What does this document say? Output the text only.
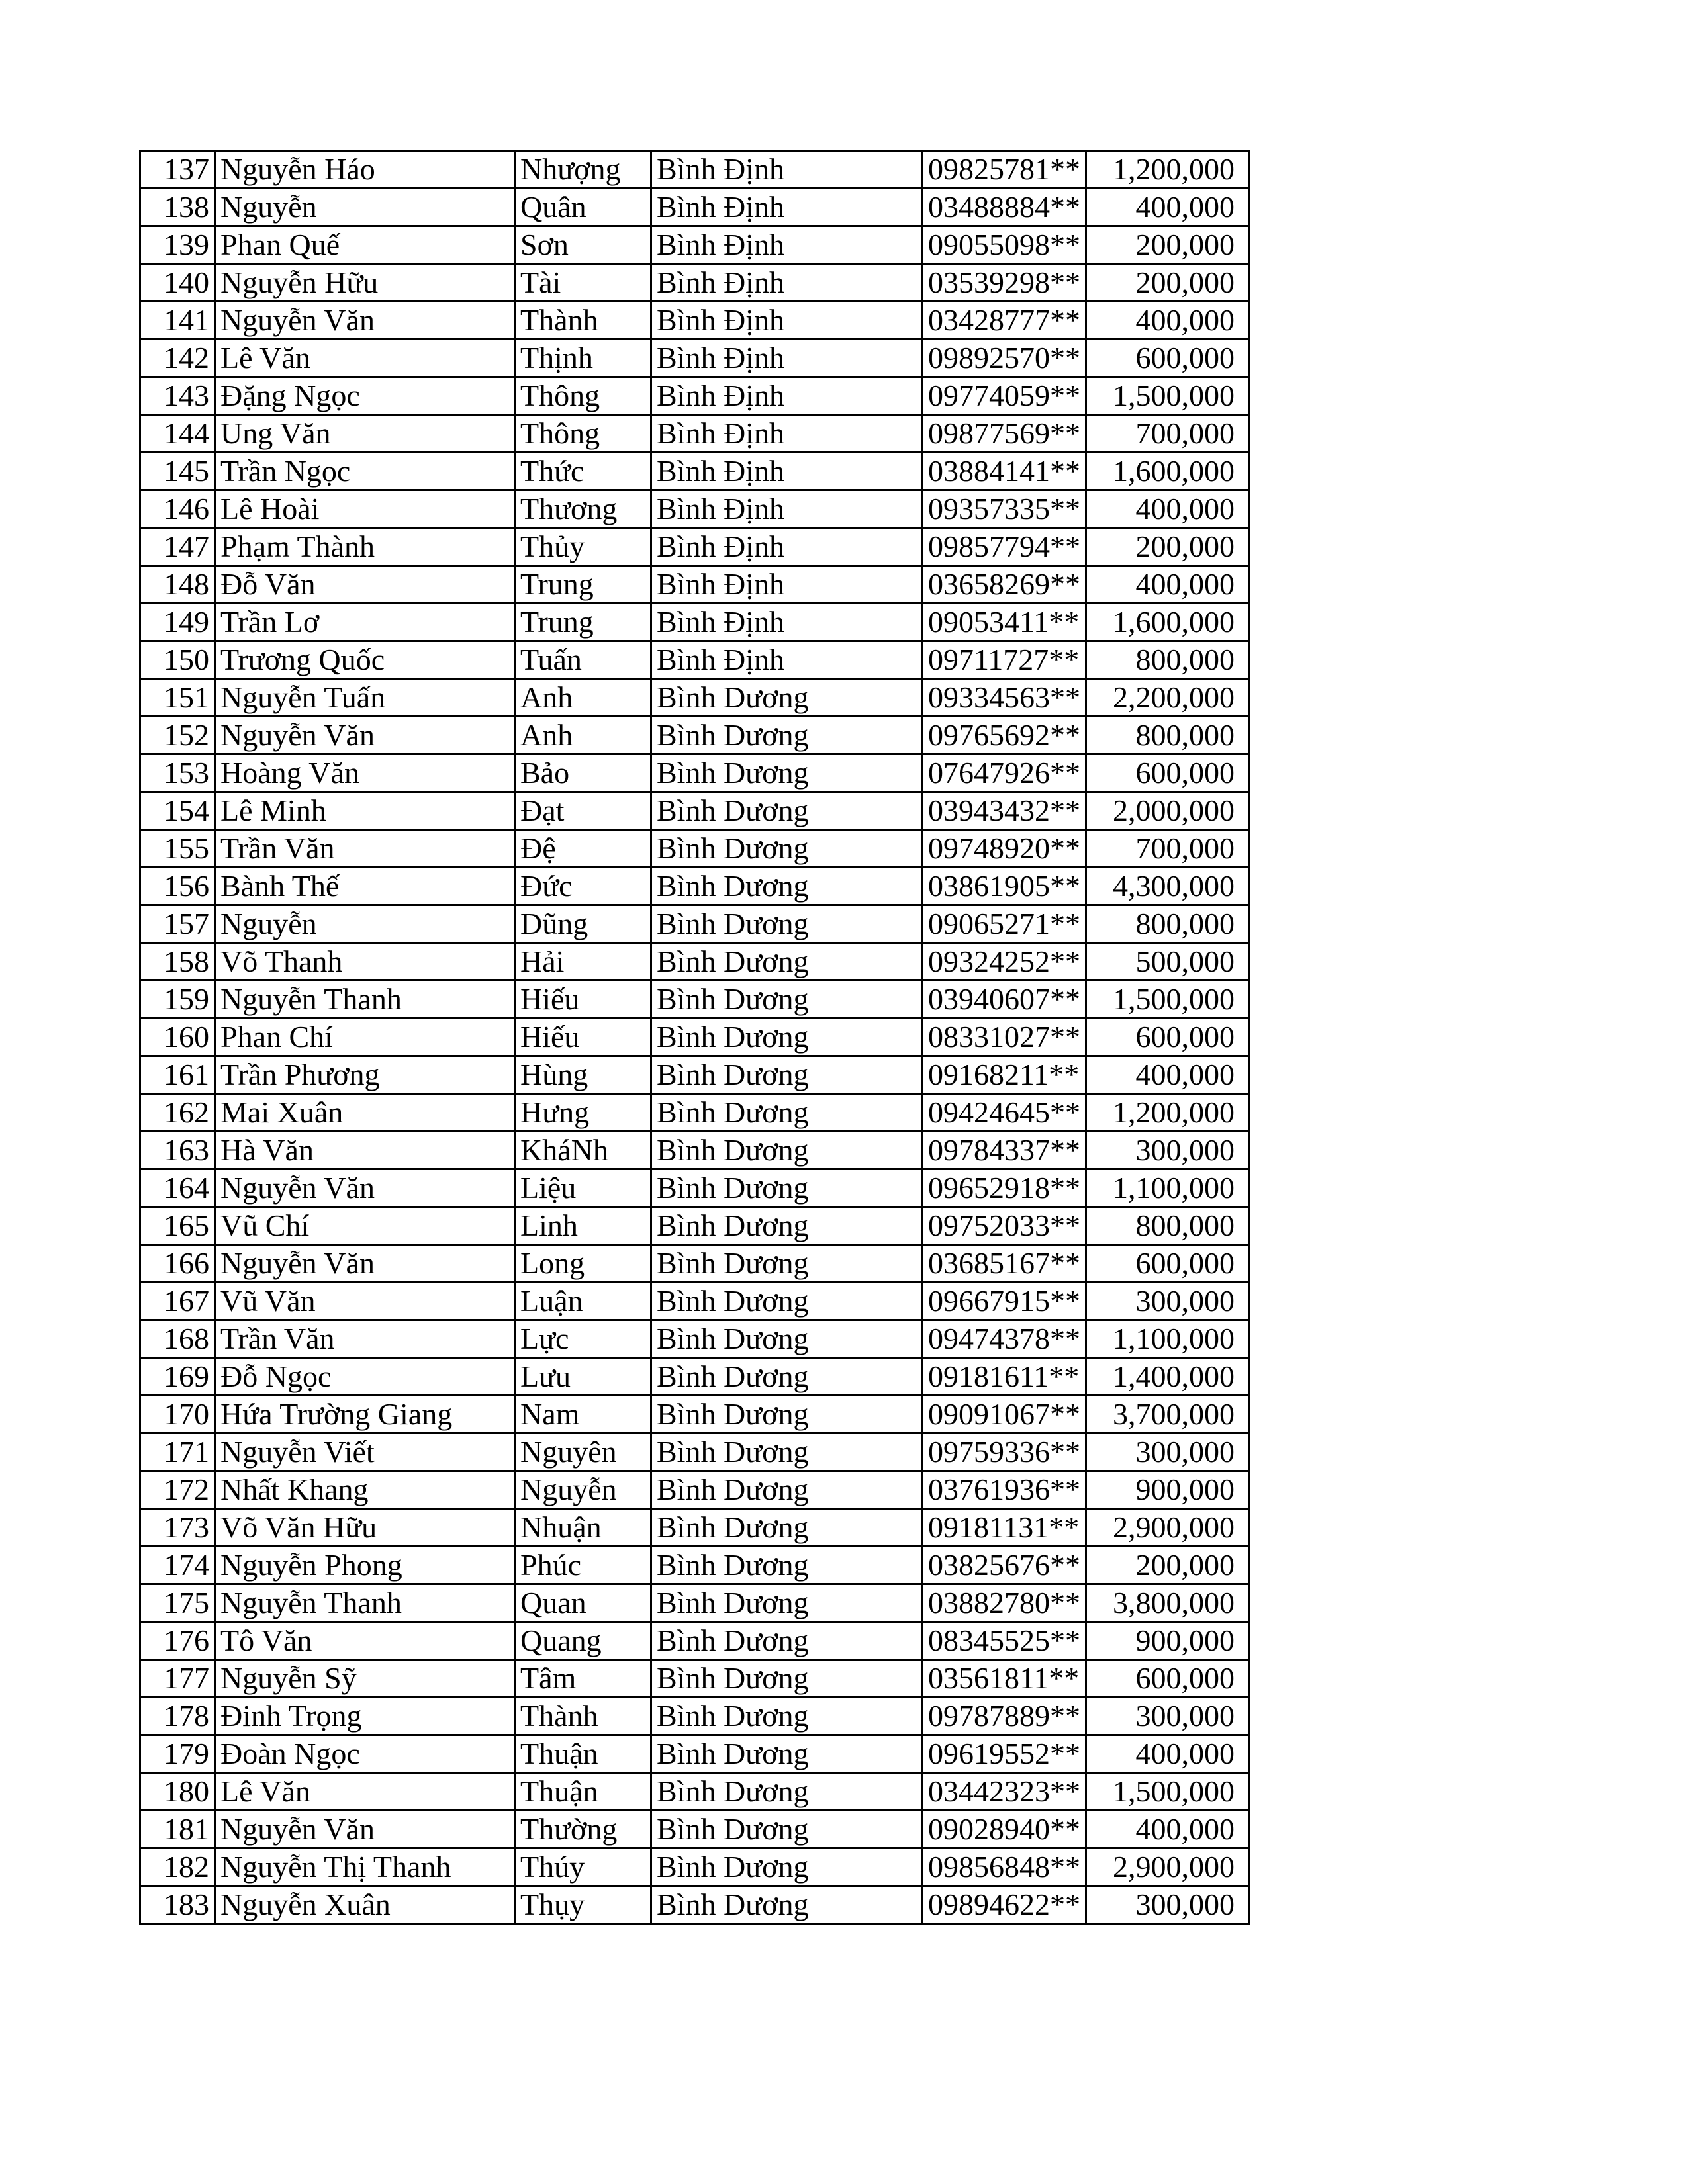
137	Nguyễn Háo	Nhượng	Bình Định	09825781**	1,200,000
138	Nguyễn	Quân	Bình Định	03488884**	400,000
139	Phan Quế	Sơn	Bình Định	09055098**	200,000
140	Nguyễn Hữu	Tài	Bình Định	03539298**	200,000
141	Nguyễn Văn	Thành	Bình Định	03428777**	400,000
142	Lê Văn	Thịnh	Bình Định	09892570**	600,000
143	Đặng Ngọc	Thông	Bình Định	09774059**	1,500,000
144	Ung Văn	Thông	Bình Định	09877569**	700,000
145	Trần Ngọc	Thức	Bình Định	03884141**	1,600,000
146	Lê Hoài	Thương	Bình Định	09357335**	400,000
147	Phạm Thành	Thủy	Bình Định	09857794**	200,000
148	Đỗ Văn	Trung	Bình Định	03658269**	400,000
149	Trần Lơ	Trung	Bình Định	09053411**	1,600,000
150	Trương Quốc	Tuấn	Bình Định	09711727**	800,000
151	Nguyễn Tuấn	Anh	Bình Dương	09334563**	2,200,000
152	Nguyễn Văn	Anh	Bình Dương	09765692**	800,000
153	Hoàng Văn	Bảo	Bình Dương	07647926**	600,000
154	Lê Minh	Đạt	Bình Dương	03943432**	2,000,000
155	Trần Văn	Đệ	Bình Dương	09748920**	700,000
156	Bành Thế	Đức	Bình Dương	03861905**	4,300,000
157	Nguyễn	Dũng	Bình Dương	09065271**	800,000
158	Võ Thanh	Hải	Bình Dương	09324252**	500,000
159	Nguyễn Thanh	Hiếu	Bình Dương	03940607**	1,500,000
160	Phan Chí	Hiếu	Bình Dương	08331027**	600,000
161	Trần Phương	Hùng	Bình Dương	09168211**	400,000
162	Mai Xuân	Hưng	Bình Dương	09424645**	1,200,000
163	Hà Văn	KháNh	Bình Dương	09784337**	300,000
164	Nguyễn Văn	Liệu	Bình Dương	09652918**	1,100,000
165	Vũ Chí	Linh	Bình Dương	09752033**	800,000
166	Nguyễn Văn	Long	Bình Dương	03685167**	600,000
167	Vũ Văn	Luận	Bình Dương	09667915**	300,000
168	Trần Văn	Lực	Bình Dương	09474378**	1,100,000
169	Đỗ Ngọc	Lưu	Bình Dương	09181611**	1,400,000
170	Hứa Trường Giang	Nam	Bình Dương	09091067**	3,700,000
171	Nguyễn Viết	Nguyên	Bình Dương	09759336**	300,000
172	Nhất Khang	Nguyễn	Bình Dương	03761936**	900,000
173	Võ Văn Hữu	Nhuận	Bình Dương	09181131**	2,900,000
174	Nguyễn Phong	Phúc	Bình Dương	03825676**	200,000
175	Nguyễn Thanh	Quan	Bình Dương	03882780**	3,800,000
176	Tô Văn	Quang	Bình Dương	08345525**	900,000
177	Nguyễn Sỹ	Tâm	Bình Dương	03561811**	600,000
178	Đinh Trọng	Thành	Bình Dương	09787889**	300,000
179	Đoàn Ngọc	Thuận	Bình Dương	09619552**	400,000
180	Lê Văn	Thuận	Bình Dương	03442323**	1,500,000
181	Nguyễn Văn	Thường	Bình Dương	09028940**	400,000
182	Nguyễn Thị Thanh	Thúy	Bình Dương	09856848**	2,900,000
183	Nguyễn Xuân	Thụy	Bình Dương	09894622**	300,000
